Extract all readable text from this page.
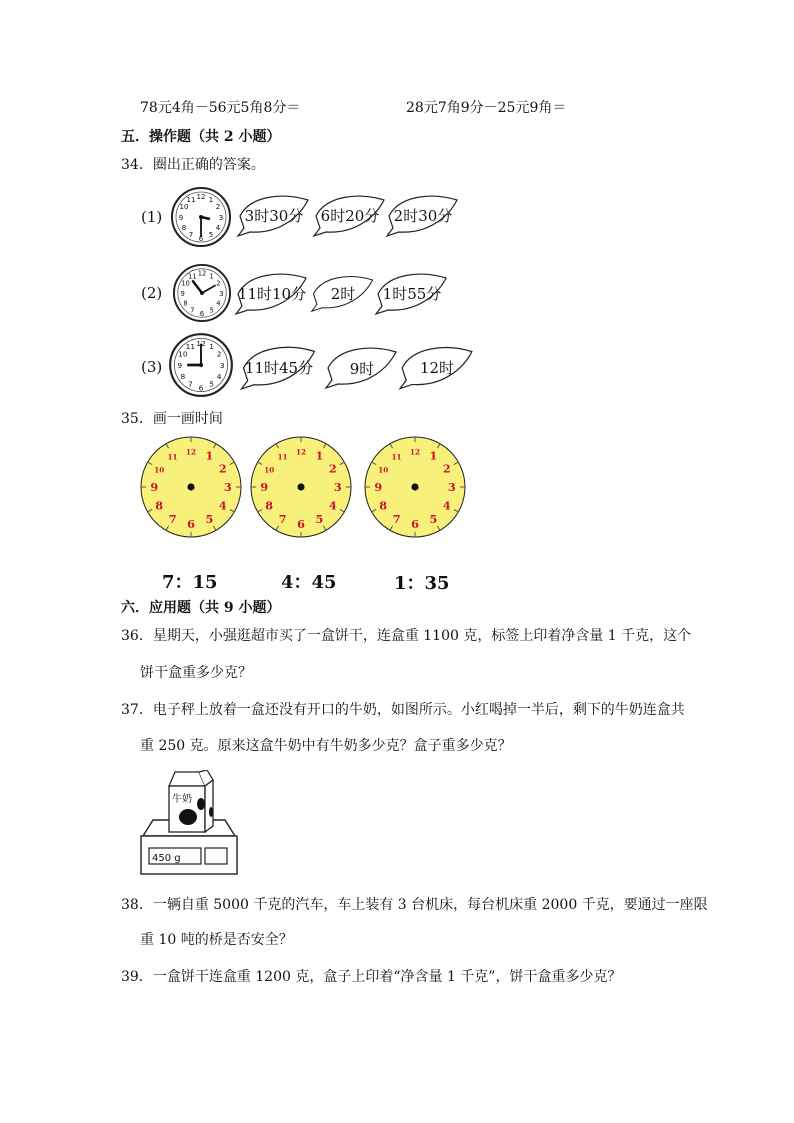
78元4角－56元5角8分＝	28元7角9分－25元9角＝
五．操作题（共 2 小题）
34．圈出正确的答案。
(1)
12 1
2
3
4
5
6
7
8
9
10
11
3时30分	6时20分 2时30分
(2)
12 1
2
3
4
5
6
7
8
9
10
11
11时10分	2时	1时55分
(3)
12 1
2
3
4
5
6
7
8
9
10
11
11时45分	9时	12时
35．画一画时间
12 1
2
3
4
5
6
7
8
9
10
11
12 1
2
3
4
5
6
7
8
9
10
11
12 1
2
3
4
5
6
7
8
9
10
11
7：15	4：45	1：35
六．应用题（共 9 小题）
36．星期天，小强逛超市买了一盒饼干，连盒重 1100 克，标签上印着净含量 1 千克，这个
饼干盒重多少克？
37．电子秤上放着一盒还没有开口的牛奶，如图所示。小红喝掉一半后，剩下的牛奶连盒共
重 250 克。原来这盒牛奶中有牛奶多少克？盒子重多少克？
牛奶
450 g
38．一辆自重 5000 千克的汽车，车上装有 3 台机床，每台机床重 2000 千克，要通过一座限
重 10 吨的桥是否安全？
39．一盒饼干连盒重 1200 克，盒子上印着“净含量 1 千克”，饼干盒重多少克？
